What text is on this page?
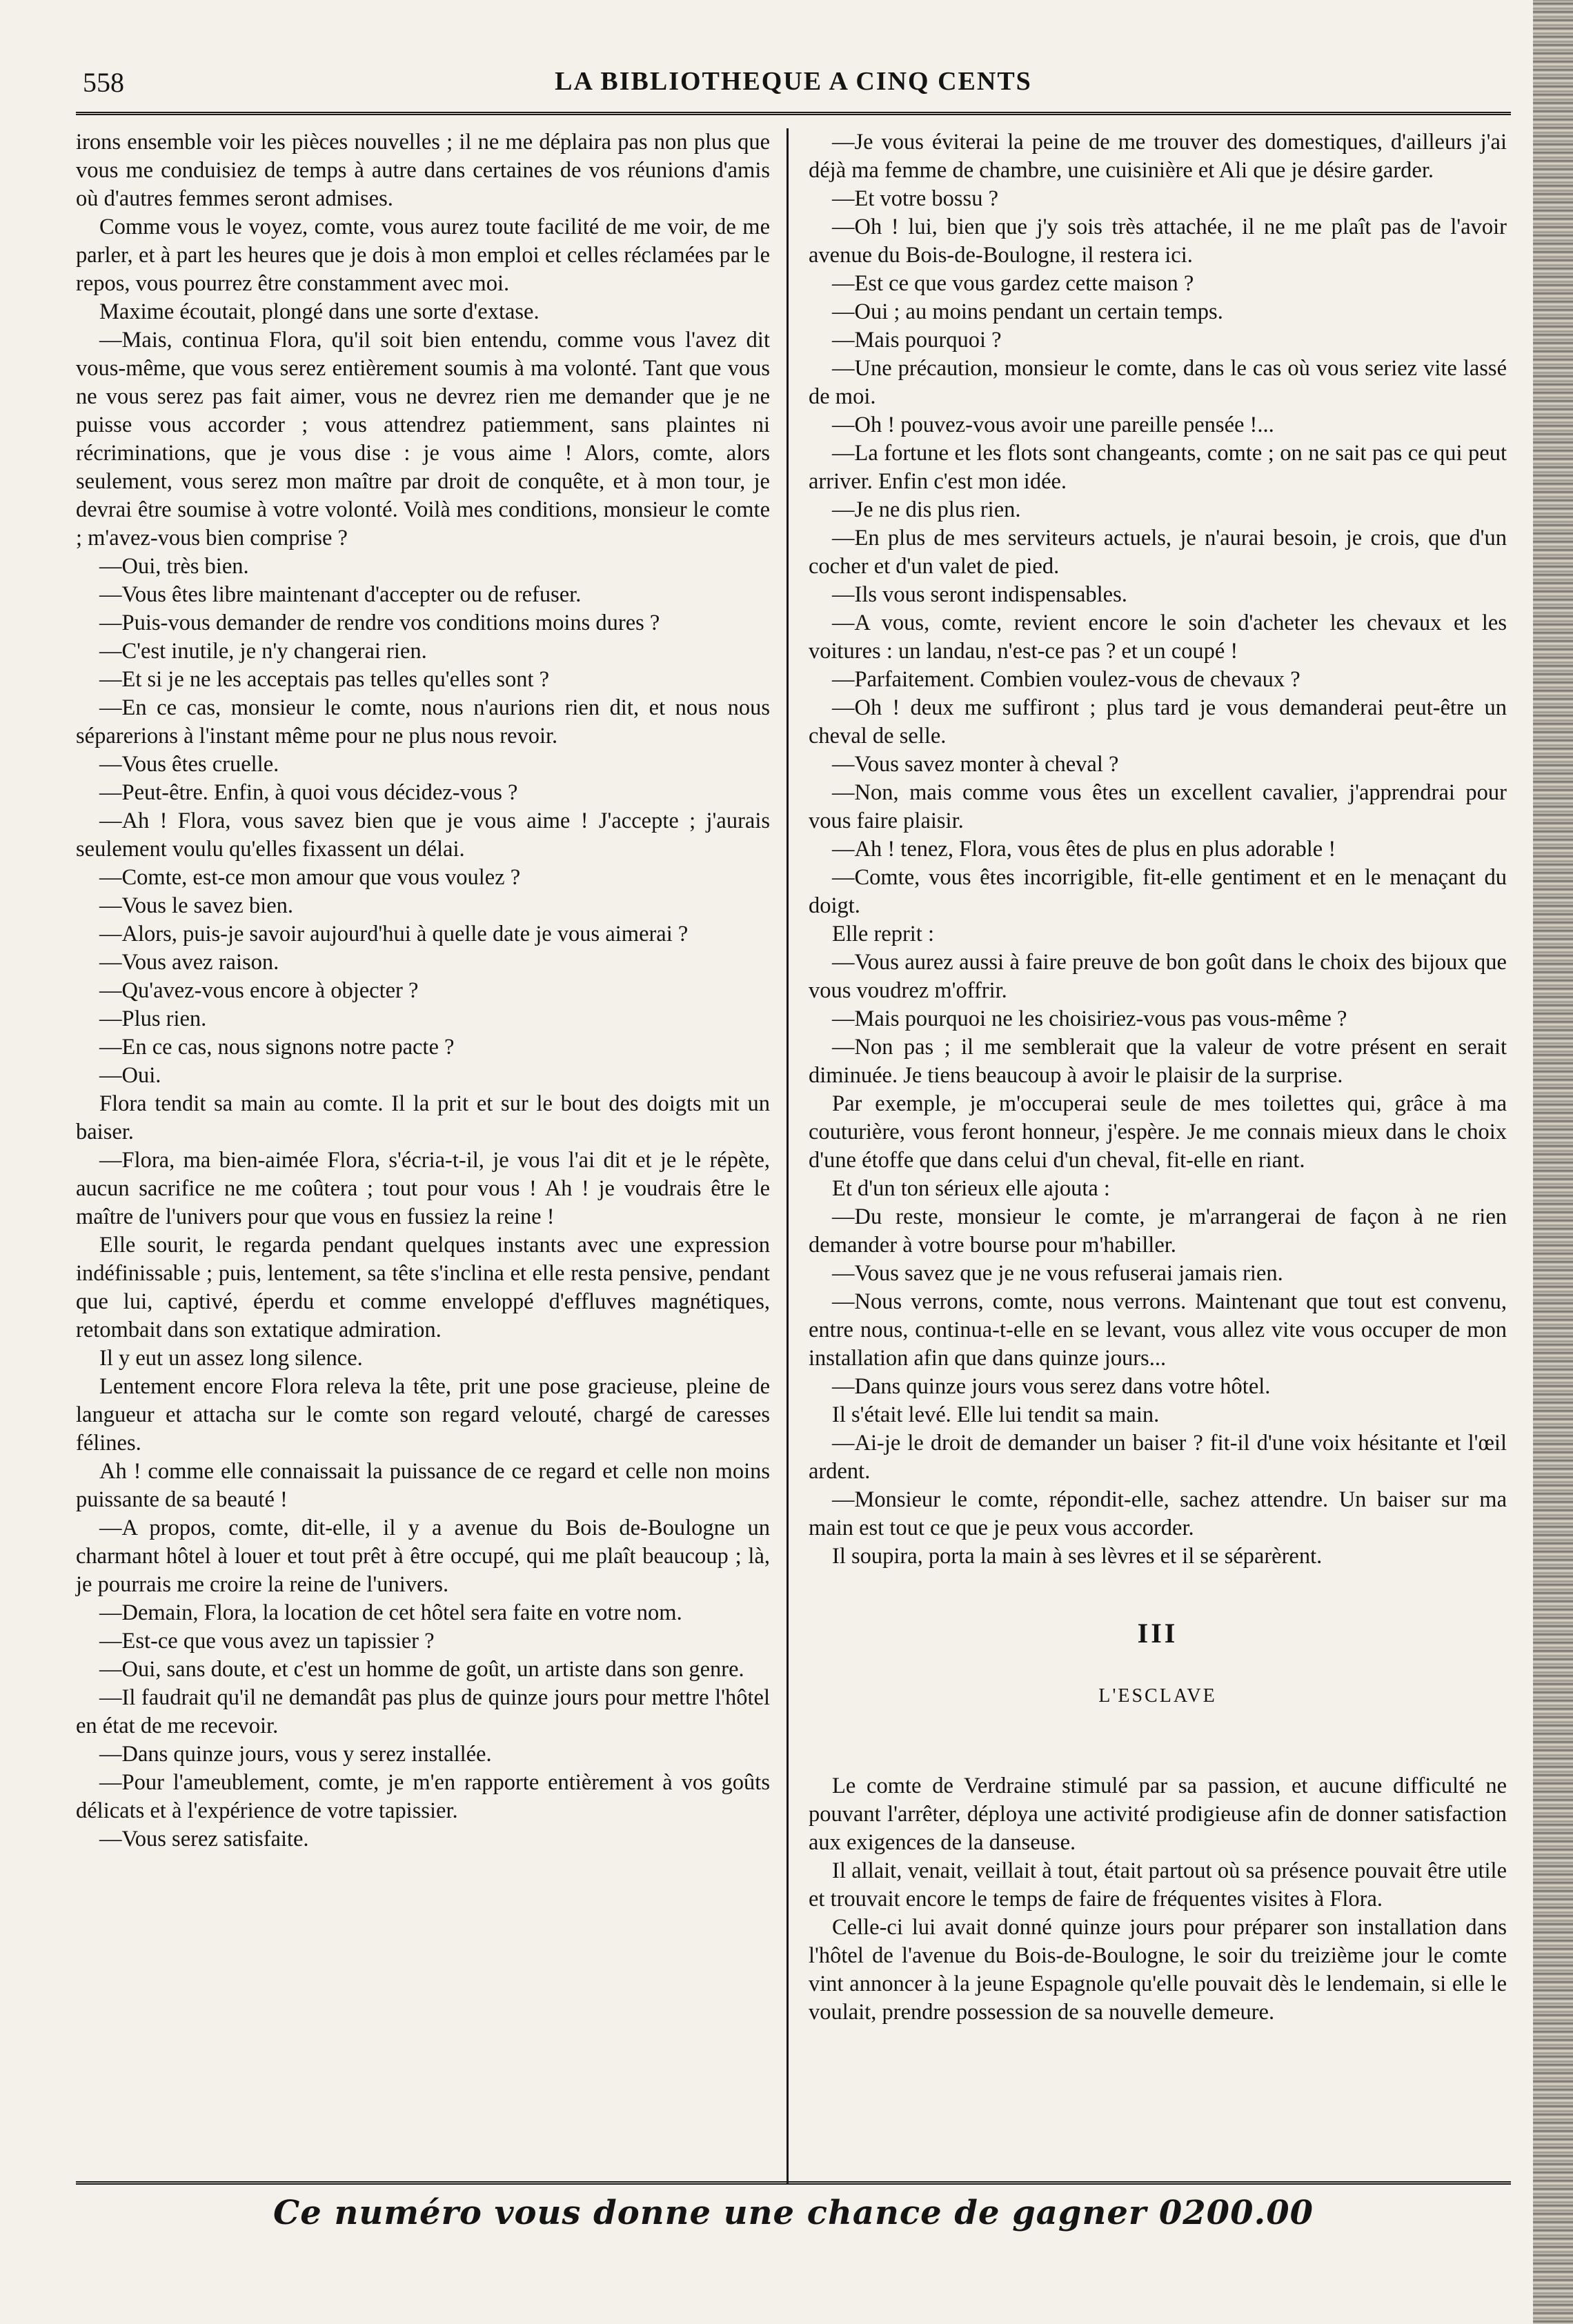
558	LA BIBLIOTHEQUE A CINQ CENTS

irons ensemble voir les pièces nouvelles ; il ne me déplaira pas non plus que vous me conduisiez de temps à autre dans certaines de vos réunions d'amis où d'autres femmes seront admises.

Comme vous le voyez, comte, vous aurez toute facilité de me voir, de me parler, et à part les heures que je dois à mon emploi et celles réclamées par le repos, vous pourrez être constamment avec moi.

Maxime écoutait, plongé dans une sorte d'extase.

—Mais, continua Flora, qu'il soit bien entendu, comme vous l'avez dit vous-même, que vous serez entièrement soumis à ma volonté. Tant que vous ne vous serez pas fait aimer, vous ne devrez rien me demander que je ne puisse vous accorder ; vous attendrez patiemment, sans plaintes ni récriminations, que je vous dise : je vous aime ! Alors, comte, alors seulement, vous serez mon maître par droit de conquête, et à mon tour, je devrai être soumise à votre volonté. Voilà mes conditions, monsieur le comte ; m'avez-vous bien comprise ?

—Oui, très bien.

—Vous êtes libre maintenant d'accepter ou de refuser.

—Puis-vous demander de rendre vos conditions moins dures ?

—C'est inutile, je n'y changerai rien.

—Et si je ne les acceptais pas telles qu'elles sont ?

—En ce cas, monsieur le comte, nous n'aurions rien dit, et nous nous séparerions à l'instant même pour ne plus nous revoir.

—Vous êtes cruelle.

—Peut-être. Enfin, à quoi vous décidez-vous ?

—Ah ! Flora, vous savez bien que je vous aime ! J'accepte ; j'aurais seulement voulu qu'elles fixassent un délai.

—Comte, est-ce mon amour que vous voulez ?

—Vous le savez bien.

—Alors, puis-je savoir aujourd'hui à quelle date je vous aimerai ?

—Vous avez raison.

—Qu'avez-vous encore à objecter ?

—Plus rien.

—En ce cas, nous signons notre pacte ?

—Oui.

Flora tendit sa main au comte. Il la prit et sur le bout des doigts mit un baiser.

—Flora, ma bien-aimée Flora, s'écria-t-il, je vous l'ai dit et je le répète, aucun sacrifice ne me coûtera ; tout pour vous ! Ah ! je voudrais être le maître de l'univers pour que vous en fussiez la reine !

Elle sourit, le regarda pendant quelques instants avec une expression indéfinissable ; puis, lentement, sa tête s'inclina et elle resta pensive, pendant que lui, captivé, éperdu et comme enveloppé d'effluves magnétiques, retombait dans son extatique admiration.

Il y eut un assez long silence.

Lentement encore Flora releva la tête, prit une pose gracieuse, pleine de langueur et attacha sur le comte son regard velouté, chargé de caresses félines.

Ah ! comme elle connaissait la puissance de ce regard et celle non moins puissante de sa beauté !

—A propos, comte, dit-elle, il y a avenue du Bois de-Boulogne un charmant hôtel à louer et tout prêt à être occupé, qui me plaît beaucoup ; là, je pourrais me croire la reine de l'univers.

—Demain, Flora, la location de cet hôtel sera faite en votre nom.

—Est-ce que vous avez un tapissier ?

—Oui, sans doute, et c'est un homme de goût, un artiste dans son genre.

—Il faudrait qu'il ne demandât pas plus de quinze jours pour mettre l'hôtel en état de me recevoir.

—Dans quinze jours, vous y serez installée.

—Pour l'ameublement, comte, je m'en rapporte entièrement à vos goûts délicats et à l'expérience de votre tapissier.

—Vous serez satisfaite.

—Je vous éviterai la peine de me trouver des domestiques, d'ailleurs j'ai déjà ma femme de chambre, une cuisinière et Ali que je désire garder.

—Et votre bossu ?

—Oh ! lui, bien que j'y sois très attachée, il ne me plaît pas de l'avoir avenue du Bois-de-Boulogne, il restera ici.

—Est ce que vous gardez cette maison ?

—Oui ; au moins pendant un certain temps.

—Mais pourquoi ?

—Une précaution, monsieur le comte, dans le cas où vous seriez vite lassé de moi.

—Oh ! pouvez-vous avoir une pareille pensée !...

—La fortune et les flots sont changeants, comte ; on ne sait pas ce qui peut arriver. Enfin c'est mon idée.

—Je ne dis plus rien.

—En plus de mes serviteurs actuels, je n'aurai besoin, je crois, que d'un cocher et d'un valet de pied.

—Ils vous seront indispensables.

—A vous, comte, revient encore le soin d'acheter les chevaux et les voitures : un landau, n'est-ce pas ? et un coupé !

—Parfaitement. Combien voulez-vous de chevaux ?

—Oh ! deux me suffiront ; plus tard je vous demanderai peut-être un cheval de selle.

—Vous savez monter à cheval ?

—Non, mais comme vous êtes un excellent cavalier, j'apprendrai pour vous faire plaisir.

—Ah ! tenez, Flora, vous êtes de plus en plus adorable !

—Comte, vous êtes incorrigible, fit-elle gentiment et en le menaçant du doigt.

Elle reprit :

—Vous aurez aussi à faire preuve de bon goût dans le choix des bijoux que vous voudrez m'offrir.

—Mais pourquoi ne les choisiriez-vous pas vous-même ?

—Non pas ; il me semblerait que la valeur de votre présent en serait diminuée. Je tiens beaucoup à avoir le plaisir de la surprise.

Par exemple, je m'occuperai seule de mes toilettes qui, grâce à ma couturière, vous feront honneur, j'espère. Je me connais mieux dans le choix d'une étoffe que dans celui d'un cheval, fit-elle en riant.

Et d'un ton sérieux elle ajouta :

—Du reste, monsieur le comte, je m'arrangerai de façon à ne rien demander à votre bourse pour m'habiller.

—Vous savez que je ne vous refuserai jamais rien.

—Nous verrons, comte, nous verrons. Maintenant que tout est convenu, entre nous, continua-t-elle en se levant, vous allez vite vous occuper de mon installation afin que dans quinze jours...

—Dans quinze jours vous serez dans votre hôtel.

Il s'était levé. Elle lui tendit sa main.

—Ai-je le droit de demander un baiser ? fit-il d'une voix hésitante et l'œil ardent.

—Monsieur le comte, répondit-elle, sachez attendre. Un baiser sur ma main est tout ce que je peux vous accorder.

Il soupira, porta la main à ses lèvres et il se séparèrent.

III
L'ESCLAVE

Le comte de Verdraine stimulé par sa passion, et aucune difficulté ne pouvant l'arrêter, déploya une activité prodigieuse afin de donner satisfaction aux exigences de la danseuse.

Il allait, venait, veillait à tout, était partout où sa présence pouvait être utile et trouvait encore le temps de faire de fréquentes visites à Flora.

Celle-ci lui avait donné quinze jours pour préparer son installation dans l'hôtel de l'avenue du Bois-de-Boulogne, le soir du treizième jour le comte vint annoncer à la jeune Espagnole qu'elle pouvait dès le lendemain, si elle le voulait, prendre possession de sa nouvelle demeure.

Ce numéro vous donne une chance de gagner 0200.00
